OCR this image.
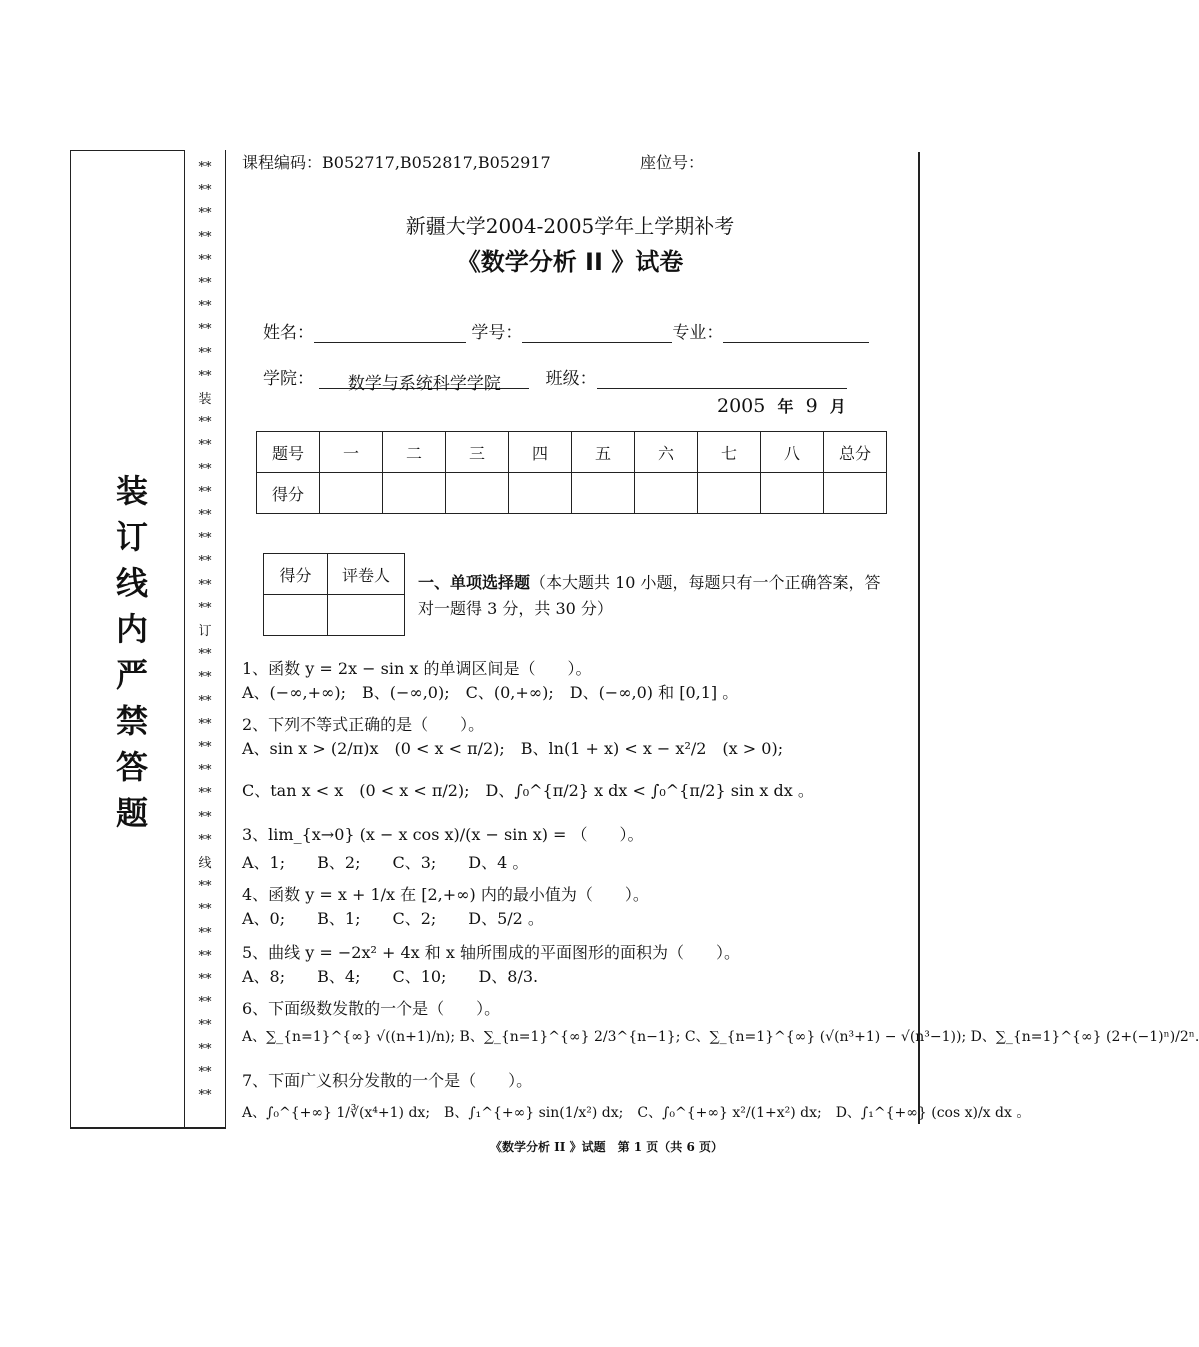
**
**
**
**
**
**
**
**
**
**
装
**
**
**
**
**
**
**
**
**
订
**
**
**
**
**
**
**
**
**
线
**
**
**
**
**
**
**
**
**
**
装
订
线
内
严
禁
答
题
课程编码：B052717,B052817,B052917	座位号：
新疆大学2004-2005学年上学期补考
《数学分析 II 》试卷
姓名：	学号：	专业：
学院： 数学与系统科学学院	班级：
2005 年 9 月
题号	一	二	三	四	五	六	七	八	总分
得分									
得分	评卷人
	一、单项选择题（本大题共 10 小题，每题只有一个正确答案，答对一题得 3 分，共 30 分）
1、函数 y = 2x − sin x 的单调区间是（　　）。
A、(−∞,+∞);　B、(−∞,0);　C、(0,+∞);　D、(−∞,0) 和 [0,1] 。
2、下列不等式正确的是（　　）。
A、sin x > (2/π)x　(0 < x < π/2);　B、ln(1 + x) < x − x²/2　(x > 0);
C、tan x < x　(0 < x < π/2);　D、∫₀^{π/2} x dx < ∫₀^{π/2} sin x dx 。
3、lim_{x→0} (x − x cos x)/(x − sin x) = （　　）。
A、1;　　B、2;　　C、3;　　D、4 。
4、函数 y = x + 1/x 在 [2,+∞) 内的最小值为（　　）。
A、0;　　B、1;　　C、2;　　D、5/2 。
5、曲线 y = −2x² + 4x 和 x 轴所围成的平面图形的面积为（　　）。
A、8;　　B、4;　　C、10;　　D、8/3.
6、下面级数发散的一个是（　　）。
A、∑_{n=1}^{∞} √((n+1)/n); B、∑_{n=1}^{∞} 2/3^{n−1}; C、∑_{n=1}^{∞} (√(n³+1) − √(n³−1)); D、∑_{n=1}^{∞} (2+(−1)ⁿ)/2ⁿ.
7、下面广义积分发散的一个是（　　）。
A、∫₀^{+∞} 1/∛(x⁴+1) dx;　B、∫₁^{+∞} sin(1/x²) dx;　C、∫₀^{+∞} x²/(1+x²) dx;　D、∫₁^{+∞} (cos x)/x dx 。
《数学分析 II 》试题　第 1 页（共 6 页）
